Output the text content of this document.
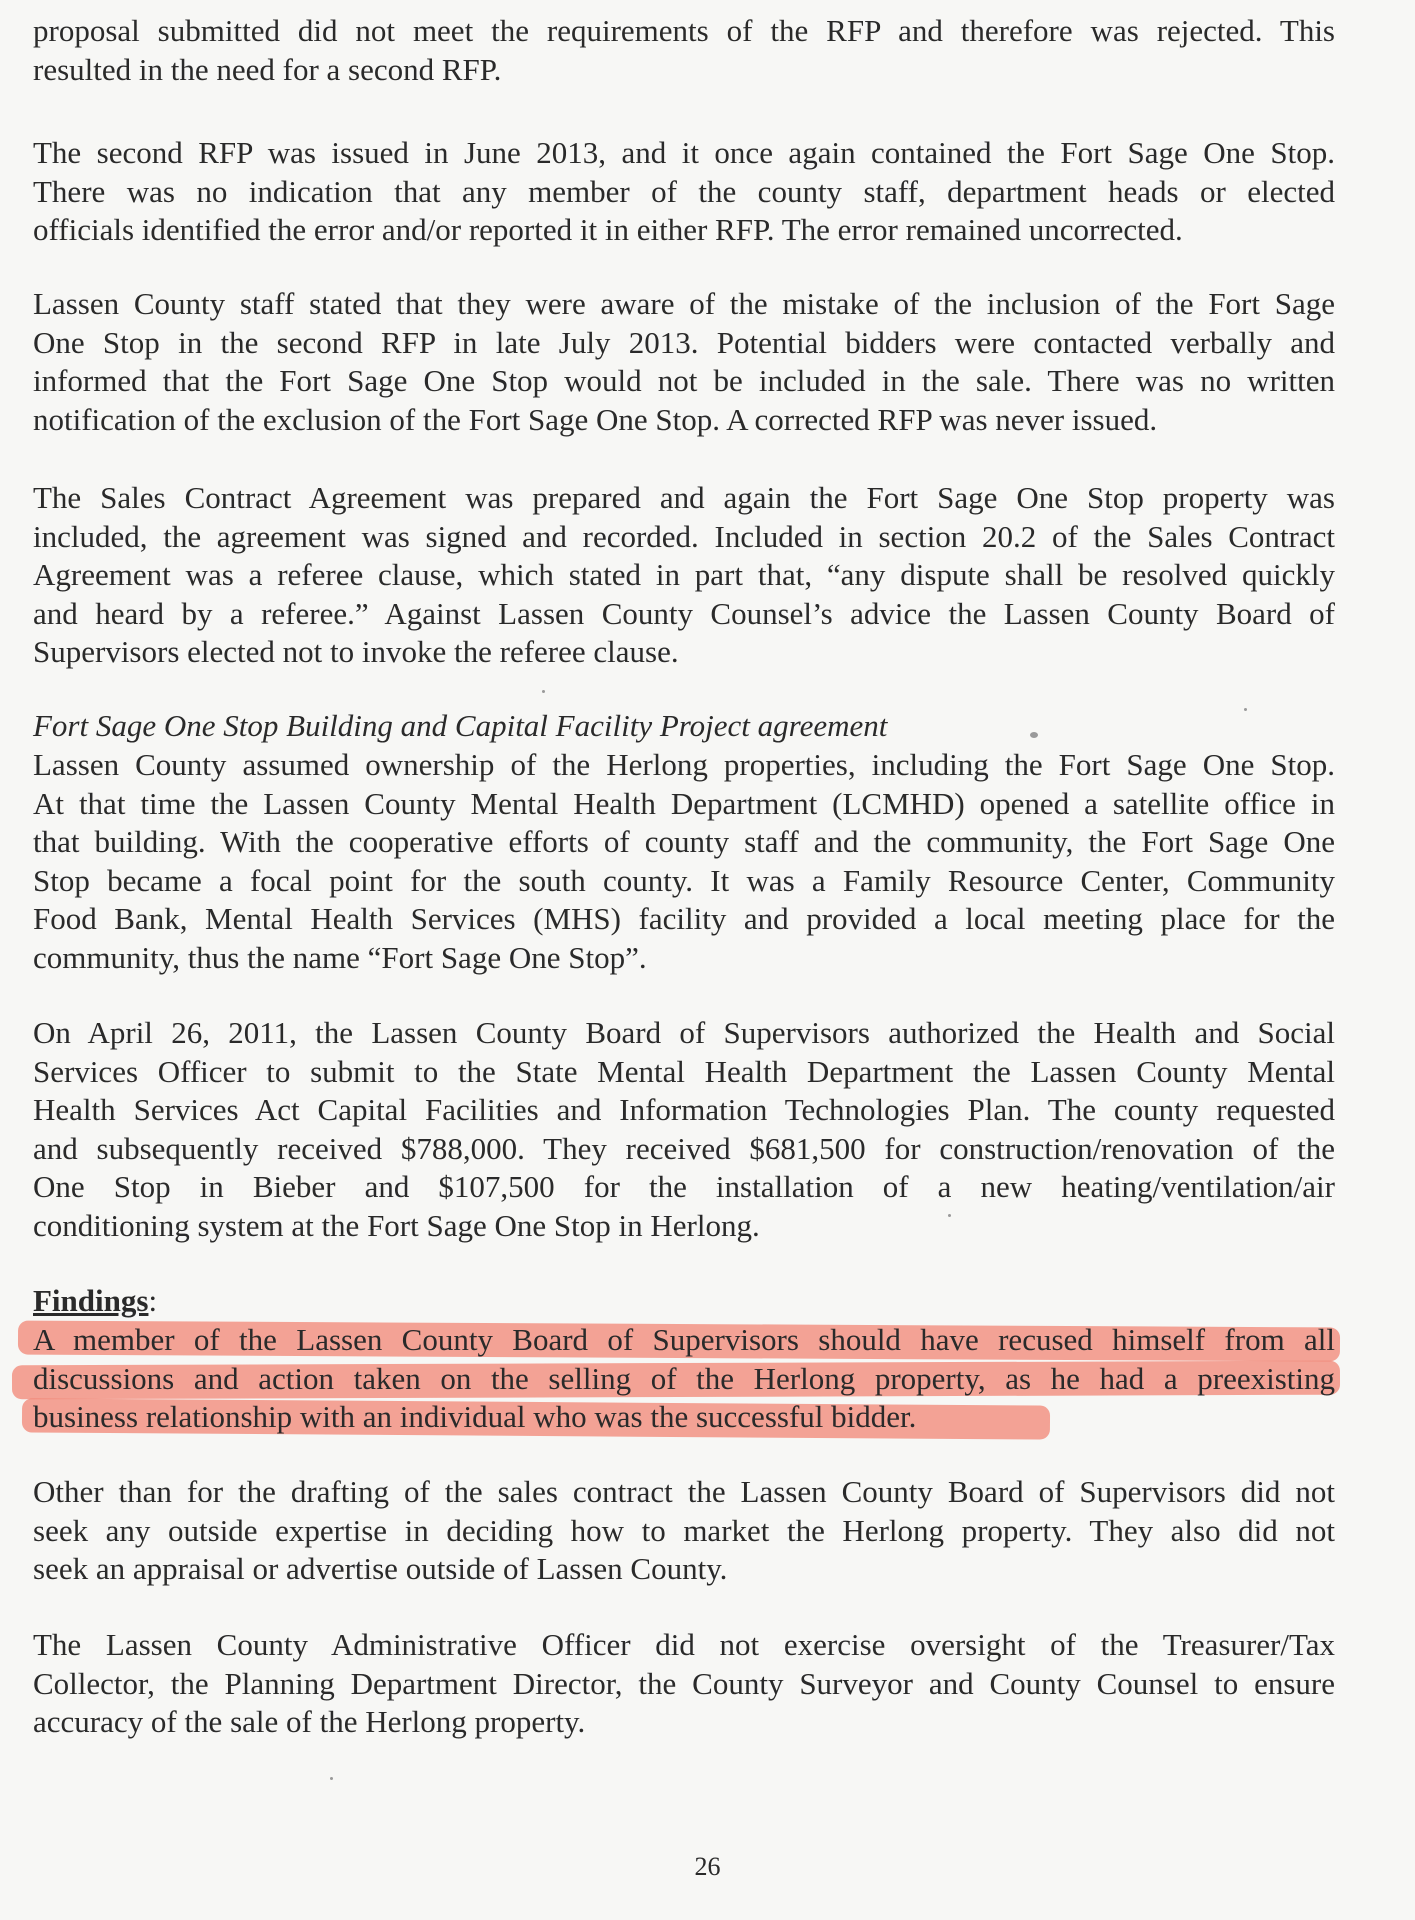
proposal submitted did not meet the requirements of the RFP and therefore was rejected. This
resulted in the need for a second RFP.

The second RFP was issued in June 2013, and it once again contained the Fort Sage One Stop.
There was no indication that any member of the county staff, department heads or elected
officials identified the error and/or reported it in either RFP. The error remained uncorrected.

Lassen County staff stated that they were aware of the mistake of the inclusion of the Fort Sage
One Stop in the second RFP in late July 2013. Potential bidders were contacted verbally and
informed that the Fort Sage One Stop would not be included in the sale. There was no written
notification of the exclusion of the Fort Sage One Stop. A corrected RFP was never issued.

The Sales Contract Agreement was prepared and again the Fort Sage One Stop property was
included, the agreement was signed and recorded. Included in section 20.2 of the Sales Contract
Agreement was a referee clause, which stated in part that, “any dispute shall be resolved quickly
and heard by a referee.” Against Lassen County Counsel’s advice the Lassen County Board of
Supervisors elected not to invoke the referee clause.

Fort Sage One Stop Building and Capital Facility Project agreement

Lassen County assumed ownership of the Herlong properties, including the Fort Sage One Stop.
At that time the Lassen County Mental Health Department (LCMHD) opened a satellite office in
that building. With the cooperative efforts of county staff and the community, the Fort Sage One
Stop became a focal point for the south county. It was a Family Resource Center, Community
Food Bank, Mental Health Services (MHS) facility and provided a local meeting place for the
community, thus the name “Fort Sage One Stop”.

On April 26, 2011, the Lassen County Board of Supervisors authorized the Health and Social
Services Officer to submit to the State Mental Health Department the Lassen County Mental
Health Services Act Capital Facilities and Information Technologies Plan. The county requested
and subsequently received $788,000. They received $681,500 for construction/renovation of the
One Stop in Bieber and $107,500 for the installation of a new heating/ventilation/air
conditioning system at the Fort Sage One Stop in Herlong.

Findings:

A member of the Lassen County Board of Supervisors should have recused himself from all
discussions and action taken on the selling of the Herlong property, as he had a preexisting
business relationship with an individual who was the successful bidder.

Other than for the drafting of the sales contract the Lassen County Board of Supervisors did not
seek any outside expertise in deciding how to market the Herlong property. They also did not
seek an appraisal or advertise outside of Lassen County.

The Lassen County Administrative Officer did not exercise oversight of the Treasurer/Tax
Collector, the Planning Department Director, the County Surveyor and County Counsel to ensure
accuracy of the sale of the Herlong property.

26
